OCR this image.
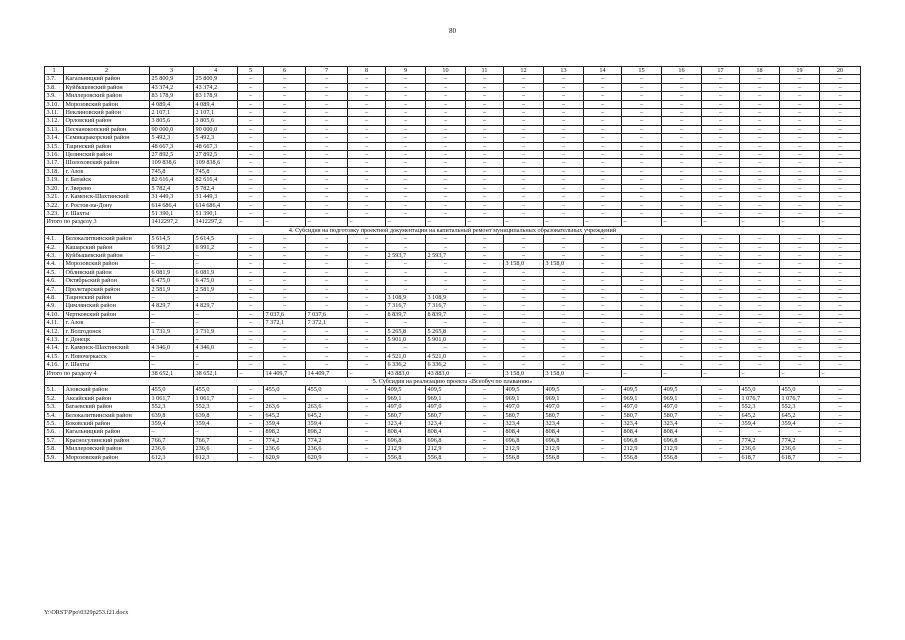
80
1	2	3	4	5	6	7	8	9	10	11	12	13	14	15	16	17	18	19	20
3.7.	Кагальницкий район	25 800,9	25 800,9	–	–	–	–	–	–	–	–	–	–	–	–	–	–	–	–
3.8.	Куйбышевский район	43 374,2	43 374,2	–	–	–	–	–	–	–	–	–	–	–	–	–	–	–	–
3.9.	Миллеровский район	83 178,9	83 178,9	–	–	–	–	–	–	–	–	–	–	–	–	–	–	–	–
3.10.	Морозовский район	4 089,4	4 089,4	–	–	–	–	–	–	–	–	–	–	–	–	–	–	–	–
3.11.	Неклиновский район	2 107,1	2 107,1	–	–	–	–	–	–	–	–	–	–	–	–	–	–	–	–
3.12.	Орловский район	3 805,6	3 805,6	–	–	–	–	–	–	–	–	–	–	–	–	–	–	–	–
3.13.	Песчанокопский район	90 000,0	90 000,0	–	–	–	–	–	–	–	–	–	–	–	–	–	–	–	–
3.14.	Семикаракорский район	5 492,3	5 492,3	–	–	–	–	–	–	–	–	–	–	–	–	–	–	–	–
3.15.	Тацинский район	48 667,3	48 667,3	–	–	–	–	–	–	–	–	–	–	–	–	–	–	–	–
3.16.	Целинский район	27 892,5	27 892,5	–	–	–	–	–	–	–	–	–	–	–	–	–	–	–	–
3.17.	Шолоховский район	109 838,6	109 838,6	–	–	–	–	–	–	–	–	–	–	–	–	–	–	–	–
3.18.	г. Азов	745,8	745,8	–	–	–	–	–	–	–	–	–	–	–	–	–	–	–	–
3.19.	г. Батайск	82 616,4	82 616,4	–	–	–	–	–	–	–	–	–	–	–	–	–	–	–	–
3.20.	г. Зверево	5 782,4	5 782,4	–	–	–	–	–	–	–	–	–	–	–	–	–	–	–	–
3.21.	г. Каменск-Шахтинский	31 449,3	31 449,3	–	–	–	–	–	–	–	–	–	–	–	–	–	–	–	–
3.22.	г. Ростов-на-Дону	614 686,4	614 686,4	–	–	–	–	–	–	–	–	–	–	–	–	–	–	–	–
3.23.	г. Шахты	51 390,1	51 390,1	–	–	–	–	–	–	–	–	–	–	–	–	–	–	–	–
Итого по разделу 3		1412297,2	1412297,2	–	–	–	–	–	–	–	–	–	–	–	–	–	–	–	–
4. Субсидия на подготовку проектной документации на капитальный ремонт муниципальных образовательных учреждений																			
4.1.	Белокалитвинский район	5 614,5	5 614,5	–	–	–	–	–	–	–	–	–	–	–	–	–	–	–	–
4.2.	Кашарский район	6 991,2	6 991,2	–	–	–	–	–	–	–	–	–	–	–	–	–	–	–	–
4.3.	Куйбышевский район	–	–	–	–	–	–	2 593,7	2 593,7	–	–	–	–	–	–	–	–	–	–
4.4.	Морозовский район	–	–	–	–	–	–	–	–	–	3 158,0	3 158,0	–	–	–	–	–	–	–
4.5.	Обливский район	6 081,9	6 081,9	–	–	–	–	–	–	–	–	–	–	–	–	–	–	–	–
4.6.	Октябрьский район	6 475,0	6 475,0	–	–	–	–	–	–	–	–	–	–	–	–	–	–	–	–
4.7.	Пролетарский район	2 581,9	2 581,9	–	–	–	–	–	–	–	–	–	–	–	–	–	–	–	–
4.8.	Тацинский район	–	–	–	–	–	–	3 108,9	3 108,9	–	–	–	–	–	–	–	–	–	–
4.9.	Цимлянский район	4 829,7	4 829,7	–	–	–	–	7 316,7	7 316,7	–	–	–	–	–	–	–	–	–	–
4.10.	Чертковский район	–	–	–	7 037,6	7 037,6	–	8 839,7	8 839,7	–	–	–	–	–	–	–	–	–	–
4.11.	г. Азов	–	–	–	7 372,1	7 372,1	–	–	–	–	–	–	–	–	–	–	–	–	–
4.12.	г. Волгодонск	1 731,9	1 731,9	–	–	–	–	5 265,8	5 265,8	–	–	–	–	–	–	–	–	–	–
4.13.	г. Донецк	–	–	–	–	–	–	5 901,0	5 901,0	–	–	–	–	–	–	–	–	–	–
4.14.	г. Каменск-Шахтинский	4 346,0	4 346,0	–	–	–	–	–	–	–	–	–	–	–	–	–	–	–	–
4.15.	г. Новочеркасск	–	–	–	–	–	–	4 521,0	4 521,0	–	–	–	–	–	–	–	–	–	–
4.16.	г. Шахты	–	–	–	–	–	–	6 336,2	6 336,2	–	–	–	–	–	–	–	–	–	–
Итого по разделу 4		38 652,1	38 652,1	–	14 409,7	14 409,7	–	43 883,0	43 883,0	–	3 158,0	3 158,0	–	–	–	–	–	–	–
5. Субсидия на реализацию проекта «Всеобуч по плаванию»																			
5.1.	Азовский район	455,0	455,0	–	455,0	455,0	–	409,5	409,5	–	409,5	409,5	–	409,5	409,5	–	455,0	455,0	–
5.2.	Аксайский район	1 061,7	1 061,7	–	–	–	–	969,1	969,1	–	969,1	969,1	–	969,1	969,1	–	1 076,7	1 076,7	–
5.3.	Багаевский район	552,3	552,3	–	263,6	263,6	–	497,0	497,0	–	497,0	497,0	–	497,0	497,0	–	552,3	552,3	–
5.4.	Белокалитвинский район	639,8	639,8	–	645,2	645,2	–	580,7	580,7	–	580,7	580,7	–	580,7	580,7	–	645,2	645,2	–
5.5.	Боковский район	359,4	359,4	–	359,4	359,4	–	323,4	323,4	–	323,4	323,4	–	323,4	323,4	–	359,4	359,4	–
5.6.	Кагальницкий район	–	–	–	898,2	898,2	–	808,4	808,4	–	808,4	808,4	–	808,4	808,4	–	–	–	–
5.7.	Красносулинский район	766,7	766,7	–	774,2	774,2	–	696,8	696,8	–	696,8	696,8	–	696,8	696,8	–	774,2	774,2	–
5.8.	Миллеровский район	236,6	236,6	–	236,6	236,6	–	212,9	212,9	–	212,9	212,9	–	212,9	212,9	–	236,6	236,6	–
5.9.	Морозовский район	612,3	612,3	–	620,9	620,9	–	556,8	556,8	–	556,8	556,8	–	556,8	556,8	–	618,7	618,7	–
Y:\ORST\Ppo\0329p253.f21.docx
